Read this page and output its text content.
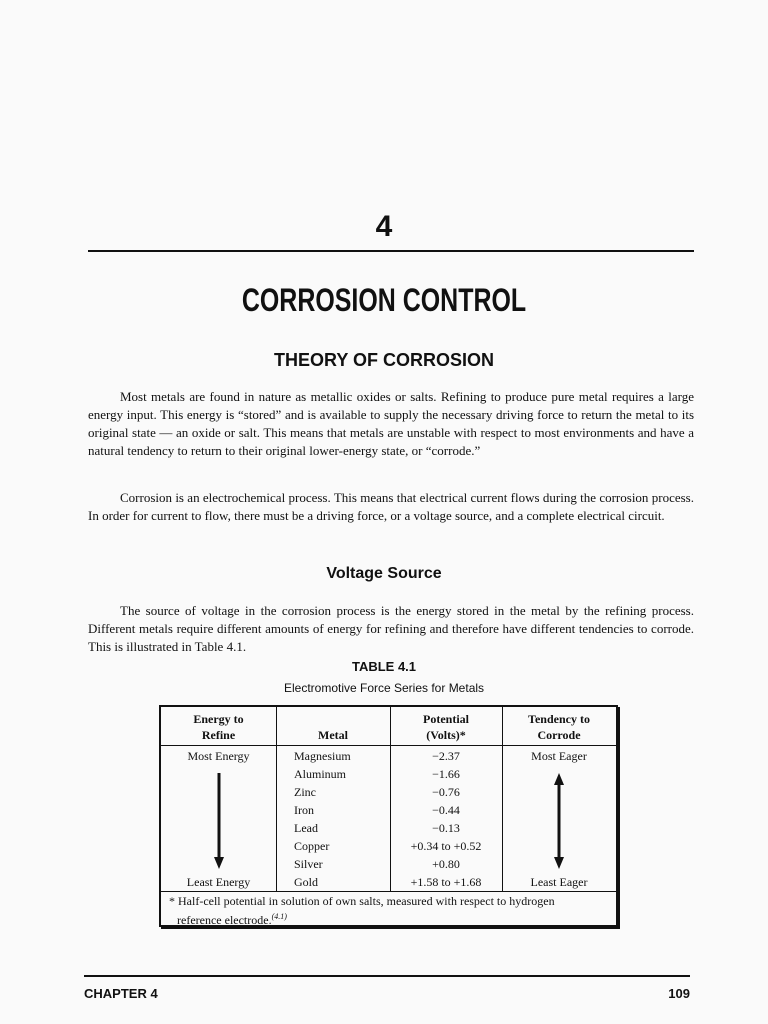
4
CORROSION CONTROL
THEORY OF CORROSION
Most metals are found in nature as metallic oxides or salts. Refining to produce pure metal requires a large energy input. This energy is “stored” and is available to supply the necessary driving force to return the metal to its original state — an oxide or salt. This means that metals are unstable with respect to most environments and have a natural tendency to return to their original lower-energy state, or “corrode.”
Corrosion is an electrochemical process. This means that electrical current flows during the corrosion process. In order for current to flow, there must be a driving force, or a voltage source, and a complete electrical circuit.
Voltage Source
The source of voltage in the corrosion process is the energy stored in the metal by the refining process. Different metals require different amounts of energy for refining and therefore have different tendencies to corrode. This is illustrated in Table 4.1.
TABLE 4.1
Electromotive Force Series for Metals
Energy to
Refine	Metal
Potential
(Volts)*
Tendency to
Corrode
Most Energy
Least Energy
Magnesium
Aluminum
Zinc
Iron
Lead
Copper
Silver
Gold
−2.37
−1.66
−0.76
−0.44
−0.13
+0.34 to +0.52
+0.80
+1.58 to +1.68
Most Eager
Least Eager
* Half-cell potential in solution of own salts, measured with respect to hydrogen
reference electrode.$^{(4.1)}$
CHAPTER 4	109
